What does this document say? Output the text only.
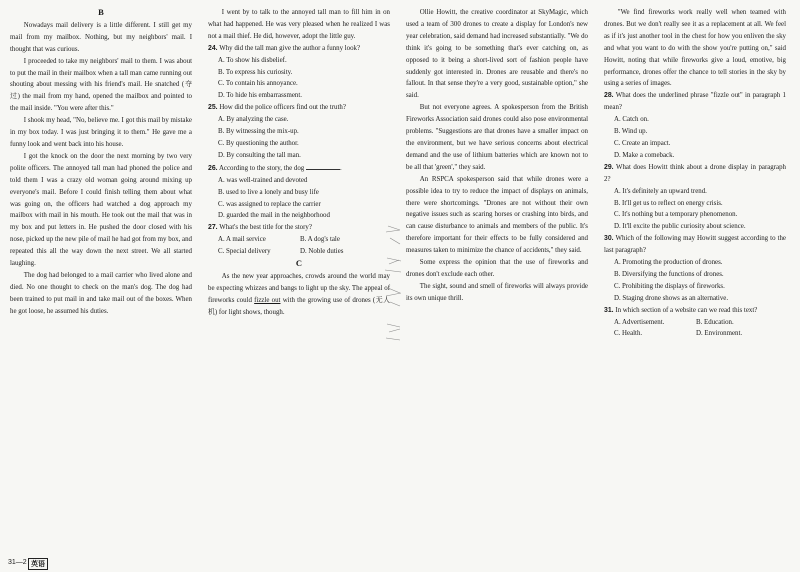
B

Nowadays mail delivery is a little different. I still get my mail from my mailbox. Nothing, but my neighbors' mail. I thought that was curious.

I proceeded to take my neighbors' mail to them. I was about to put the mail in their mailbox when a tall man came running out shouting about messing with his friend's mail. He snatched (夺过) the mail from my hand, opened the mailbox and pointed to the mail inside. "You were after this."

I shook my head, "No, believe me. I got this mail by mistake in my box today. I was just bringing it to them." He gave me a funny look and went back into his house.

I got the knock on the door the next morning by two very polite officers. The annoyed tall man had phoned the police and told them I was a crazy old woman going around mixing up everyone's mail. Before I could finish telling them about what was going on, the officers had watched a dog approach my mailbox with mail in his mouth. He took out the mail that was in my box and put letters in. He pushed the door closed with his nose, picked up the new pile of mail he had got from my box, and repeated this all the way down the next street. We all started laughing.

The dog had belonged to a mail carrier who lived alone and died. No one thought to check on the man's dog. The dog had been trained to put mail in and take mail out of the boxes. When he got loose, he assumed his duties.

I went by to talk to the annoyed tall man to fill him in on what had happened. He was very pleased when he realized I was not a mail thief. He did, however, adopt the little guy.

24. Why did the tall man give the author a funny look?
A. To show his disbelief.
B. To express his curiosity.
C. To contain his annoyance.
D. To hide his embarrassment.
25. How did the police officers find out the truth?
A. By analyzing the case.
B. By witnessing the mix-up.
C. By questioning the author.
D. By consulting the tall man.
26. According to the story, the dog	.
A. was well-trained and devoted
B. used to live a lonely and busy life
C. was assigned to replace the carrier
D. guarded the mail in the neighborhood
27. What's the best title for the story?
A. A mail service	B. A dog's tale
C. Special delivery	D. Noble duties
C

As the new year approaches, crowds around the world may be expecting whizzes and bangs to light up the sky. The appeal of fireworks could fizzle out with the growing use of drones (无人机) for light shows, though.

Ollie Howitt, the creative coordinator at SkyMagic, which used a team of 300 drones to create a display for London's new year celebration, said demand had increased substantially. "We do think it's going to be something that's ever catching on, as opposed to it being a short-lived sort of fashion people have suddenly got interested in. Drones are reusable and there's no fallout. In that sense they're a very good, sustainable option," she said.

But not everyone agrees. A spokesperson from the British Fireworks Association said drones could also pose environmental problems. "Suggestions are that drones have a smaller impact on the environment, but we have serious concerns about electrical demand and the use of lithium batteries which are known not to be all that 'green'," they said.

An RSPCA spokesperson said that while drones were a possible idea to try to reduce the impact of displays on animals, there were shortcomings. "Drones are not without their own negative issues such as scaring horses or crashing into birds, and can cause disturbance to animals and members of the public. It's therefore important for their effects to be fully considered and measures taken to minimize the chance of accidents," they said.

Some express the opinion that the use of fireworks and drones don't exclude each other.

The sight, sound and smell of fireworks will always provide its own unique thrill.

"We find fireworks work really well when teamed with drones. But we don't really see it as a replacement at all. We feel as if it's just another tool in the chest for how you enliven the sky and what you want to do with the show you're putting on," said Howitt, noting that while fireworks give a loud, emotive, big performance, drones offer the chance to tell stories in the sky by using a series of images.

28. What does the underlined phrase "fizzle out" in paragraph 1 mean?
A. Catch on.
B. Wind up.
C. Create an impact.
D. Make a comeback.
29. What does Howitt think about a drone display in paragraph 2?
A. It's definitely an upward trend.
B. It'll get us to reflect on energy crisis.
C. It's nothing but a temporary phenomenon.
D. It'll excite the public curiosity about science.
30. Which of the following may Howitt suggest according to the last paragraph?
A. Promoting the production of drones.
B. Diversifying the functions of drones.
C. Prohibiting the displays of fireworks.
D. Staging drone shows as an alternative.
31. In which section of a website can we read this text?
A. Advertisement.	B. Education.
C. Health.	D. Environment.
31—2 英语
